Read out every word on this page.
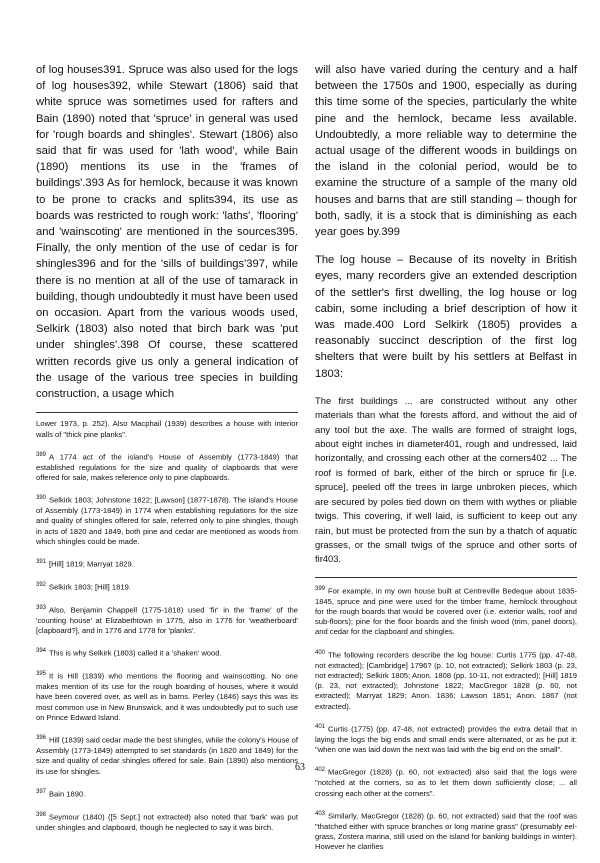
of log houses391. Spruce was also used for the logs of log houses392, while Stewart (1806) said that white spruce was sometimes used for rafters and Bain (1890) noted that 'spruce' in general was used for 'rough boards and shingles'. Stewart (1806) also said that fir was used for 'lath wood', while Bain (1890) mentions its use in the 'frames of buildings'.393 As for hemlock, because it was known to be prone to cracks and splits394, its use as boards was restricted to rough work: 'laths', 'flooring' and 'wainscoting' are mentioned in the sources395. Finally, the only mention of the use of cedar is for shingles396 and for the 'sills of buildings'397, while there is no mention at all of the use of tamarack in building, though undoubtedly it must have been used on occasion. Apart from the various woods used, Selkirk (1803) also noted that birch bark was 'put under shingles'.398 Of course, these scattered written records give us only a general indication of the usage of the various tree species in building construction, a usage which

Lower 1973, p. 252). Also Macphail (1939) describes a house with interior walls of "thick pine planks".

$^{389}$ A 1774 act of the island's House of Assembly (1773-1849) that established regulations for the size and quality of clapboards that were offered for sale, makes reference only to pine clapboards.

$^{390}$ Selkirk 1803; Johnstone 1822; [Lawson] (1877-1878). The island's House of Assembly (1773-1849) in 1774 when establishing regulations for the size and quality of shingles offered for sale, referred only to pine shingles, though in acts of 1820 and 1849, both pine and cedar are mentioned as woods from which shingles could be made.

$^{391}$ [Hill] 1819; Marryat 1829.

$^{392}$ Selkirk 1803; [Hill] 1819.

$^{393}$ Also, Benjamin Chappell (1775-1818) used 'fir' in the 'frame' of the 'counting house' at Elizabethtown in 1775, also in 1776 for 'weatherboard' [clapboard?], and in 1776 and 1778 for 'planks'.

$^{394}$ This is why Selkirk (1803) called it a 'shaken' wood.

$^{395}$ It is Hill (1839) who mentions the flooring and wainscotting. No one makes mention of its use for the rough boarding of houses, where it would have been covered over, as well as in barns. Perley (1846) says this was its most common use in New Brunswick, and it was undoubtedly put to such use on Prince Edward Island.

$^{396}$ Hill (1839) said cedar made the best shingles, while the colony's House of Assembly (1773-1849) attempted to set standards (in 1820 and 1849) for the size and quality of cedar shingles offered for sale. Bain (1890) also mentions its use for shingles.

$^{397}$ Bain 1890.

$^{398}$ Seymour (1840) ([5 Sept.] not extracted) also noted that 'bark' was put under shingles and clapboard, though he neglected to say it was birch.

will also have varied during the century and a half between the 1750s and 1900, especially as during this time some of the species, particularly the white pine and the hemlock, became less available. Undoubtedly, a more reliable way to determine the actual usage of the different woods in buildings on the island in the colonial period, would be to examine the structure of a sample of the many old houses and barns that are still standing – though for both, sadly, it is a stock that is diminishing as each year goes by.399

The log house – Because of its novelty in British eyes, many recorders give an extended description of the settler's first dwelling, the log house or log cabin, some including a brief description of how it was made.400 Lord Selkirk (1805) provides a reasonably succinct description of the first log shelters that were built by his settlers at Belfast in 1803:

The first buildings ... are constructed without any other materials than what the forests afford, and without the aid of any tool but the axe. The walls are formed of straight logs, about eight inches in diameter401, rough and undressed, laid horizontally, and crossing each other at the corners402 ... The roof is formed of bark, either of the birch or spruce fir [i.e. spruce], peeled off the trees in large unbroken pieces, which are secured by poles tied down on them with wythes or pliable twigs. This covering, if well laid, is sufficient to keep out any rain, but must be protected from the sun by a thatch of aquatic grasses, or the small twigs of the spruce and other sorts of fir403.

$^{399}$ For example, in my own house built at Centreville Bedeque about 1835-1845, spruce and pine were used for the timber frame, hemlock throughout for the rough boards that would be covered over (i.e. exterior walls, roof and sub-floors); pine for the floor boards and the finish wood (trim, panel doors), and cedar for the clapboard and shingles.

$^{400}$ The following recorders describe the log house: Curtis 1775 (pp. 47-48, not extracted); [Cambridge] 1796? (p. 10, not extracted); Selkirk 1803 (p. 23, not extracted); Selkirk 1805; Anon. 1808 (pp. 10-11, not extracted); [Hill] 1819 (p. 23, not extracted); Johnstone 1822; MacGregor 1828 (p. 60, not extracted); Marryat 1829; Anon. 1836; Lawson 1851; Anon. 1867 (not extracted).

$^{401}$ Curtis (1775) (pp. 47-48, not extracted) provides the extra detail that in laying the logs the big ends and small ends were alternated, or as he put it: "when one was laid down the next was laid with the big end on the small".

$^{402}$ MacGregor (1828) (p. 60, not extracted) also said that the logs were "notched at the corners, so as to let them down sufficiently close; ... all crossing each other at the corners".

$^{403}$ Similarly, MacGregor (1828) (p. 60, not extracted) said that the roof was "thatched either with spruce branches or long marine grass" (presumably eel-grass, Zostera marina, still used on the island for banking buildings in winter). However he clarifies

63
